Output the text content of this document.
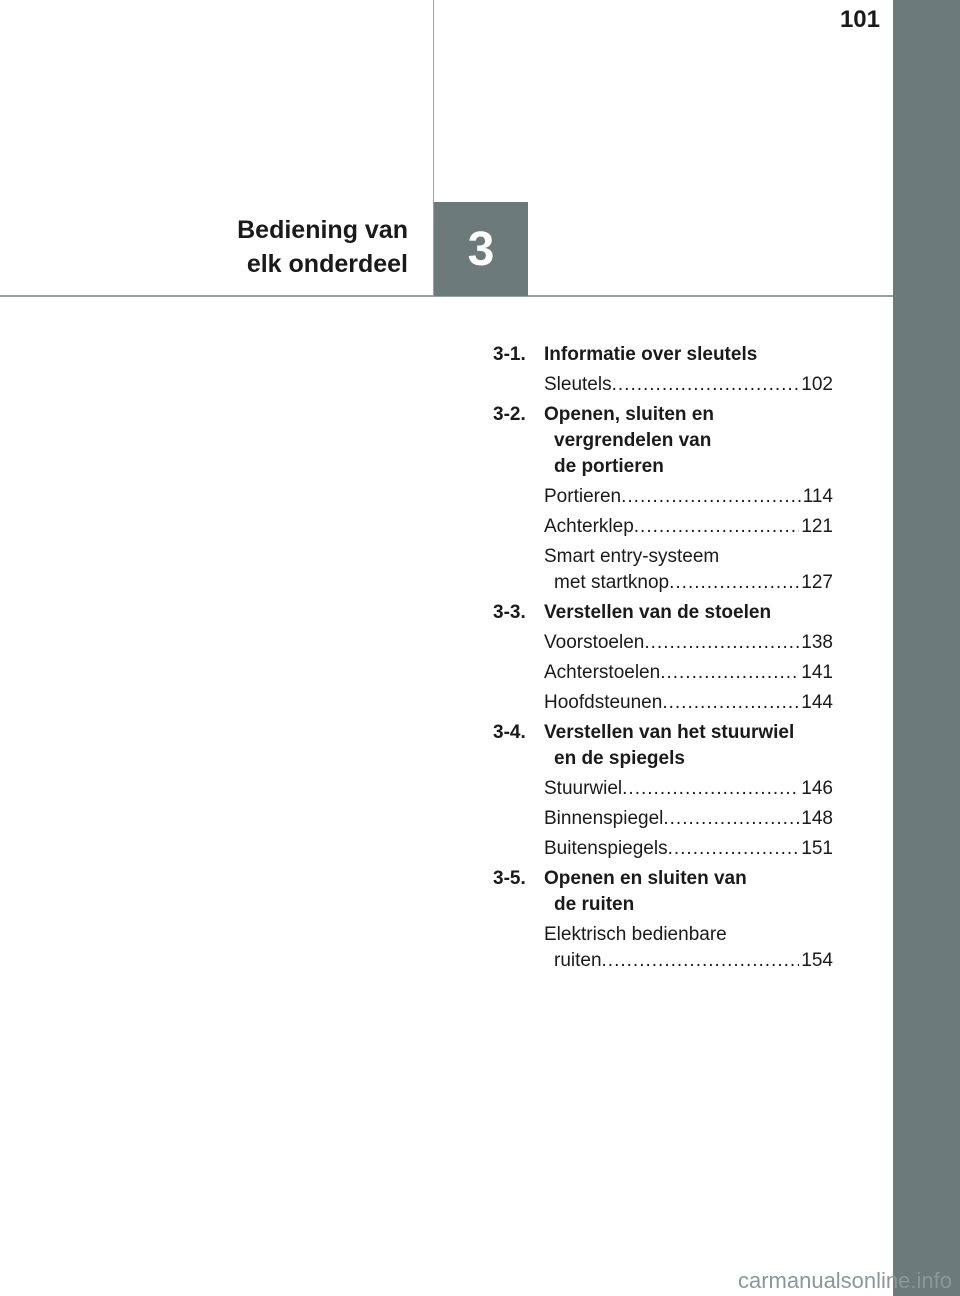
101
3
Bediening van
elk onderdeel
3-1. Informatie over sleutels
Sleutels .....	102
3-2. Openen, sluiten en
vergrendelen van
de portieren
Portieren .....	114
Achterklep .....	121
Smart entry-systeem
met startknop .....	127
3-3. Verstellen van de stoelen
Voorstoelen .....	138
Achterstoelen .....	141
Hoofdsteunen .....	144
3-4. Verstellen van het stuurwiel
en de spiegels
Stuurwiel .....	146
Binnenspiegel .....	148
Buitenspiegels .....	151
3-5. Openen en sluiten van
de ruiten
Elektrisch bedienbare
ruiten .....	154
carmanualsonline.info
